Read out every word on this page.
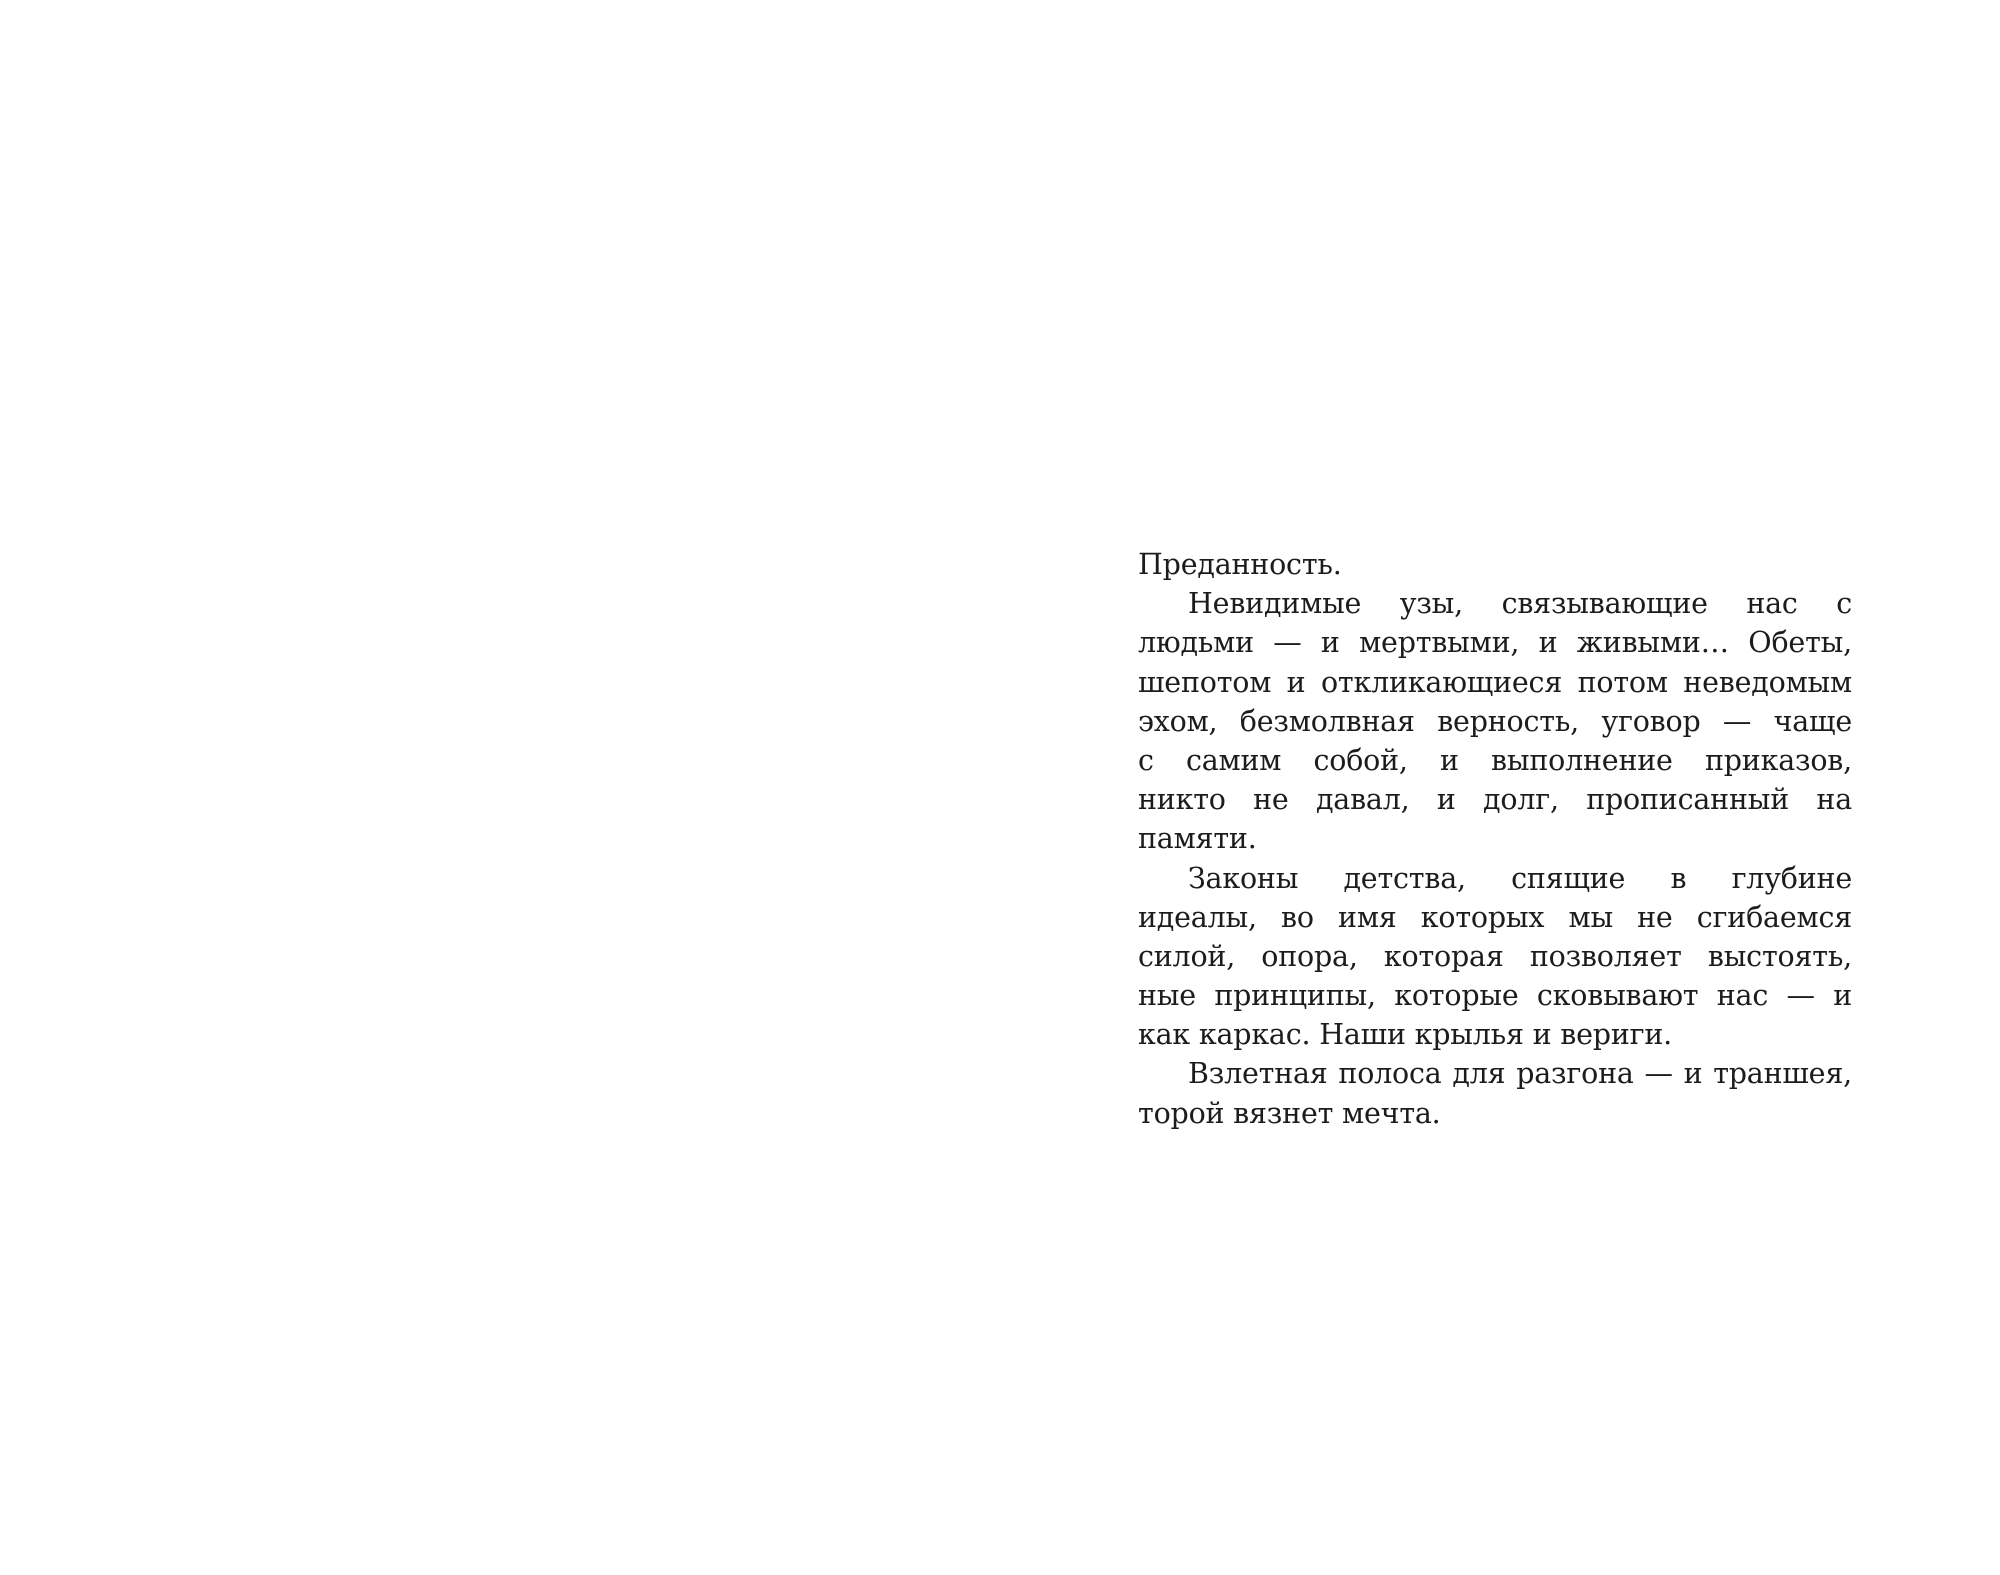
Преданность.
Невидимые узы, связывающие нас с
людьми — и мертвыми, и живыми… Обеты,
шепотом и откликающиеся потом неведомым
эхом, безмолвная верность, уговор — чаще
с самим собой, и выполнение приказов,
никто не давал, и долг, прописанный на
памяти.
Законы детства, спящие в глубине
идеалы, во имя которых мы не сгибаемся
силой, опора, которая позволяет выстоять,
ные принципы, которые сковывают нас — и
как каркас. Наши крылья и вериги.
Взлетная полоса для разгона — и траншея,
торой вязнет мечта.
